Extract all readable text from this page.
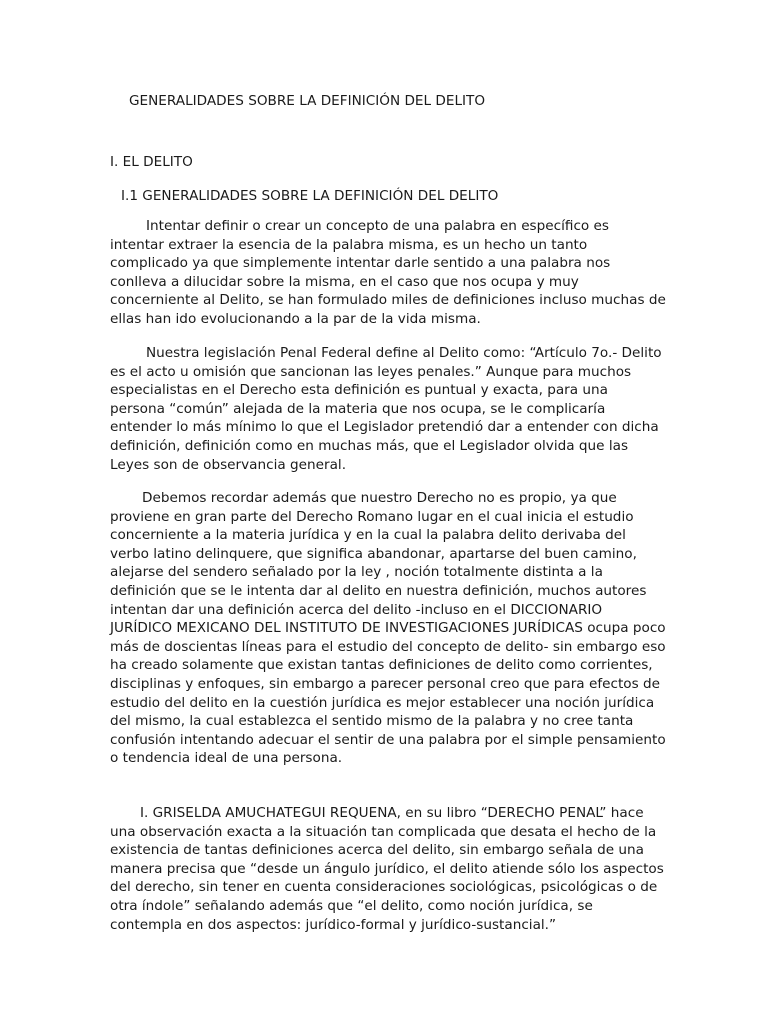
GENERALIDADES SOBRE LA DEFINICIÓN DEL DELITO
I. EL DELITO
I.1 GENERALIDADES SOBRE LA DEFINICIÓN DEL DELITO

Intentar definir o crear un concepto de una palabra en específico es intentar extraer la esencia de la palabra misma, es un hecho un tanto complicado ya que simplemente intentar darle sentido a una palabra nos conlleva a dilucidar sobre la misma, en el caso que nos ocupa y muy concerniente al Delito, se han formulado miles de definiciones incluso muchas de ellas han ido evolucionando a la par de la vida misma.

Nuestra legislación Penal Federal define al Delito como: “Artículo 7o.- Delito es el acto u omisión que sancionan las leyes penales.” Aunque para muchos especialistas en el Derecho esta definición es puntual y exacta, para una persona “común” alejada de la materia que nos ocupa, se le complicaría entender lo más mínimo lo que el Legislador pretendió dar a entender con dicha definición, definición como en muchas más, que el Legislador olvida que las Leyes son de observancia general.

Debemos recordar además que nuestro Derecho no es propio, ya que proviene en gran parte del Derecho Romano lugar en el cual inicia el estudio concerniente a la materia jurídica y en la cual la palabra delito derivaba del verbo latino delinquere, que significa abandonar, apartarse del buen camino, alejarse del sendero señalado por la ley , noción totalmente distinta a la definición que se le intenta dar al delito en nuestra definición, muchos autores intentan dar una definición acerca del delito -incluso en el DICCIONARIO JURÍDICO MEXICANO DEL INSTITUTO DE INVESTIGACIONES JURÍDICAS ocupa poco más de doscientas líneas para el estudio del concepto de delito- sin embargo eso ha creado solamente que existan tantas definiciones de delito como corrientes, disciplinas y enfoques, sin embargo a parecer personal creo que para efectos de estudio del delito en la cuestión jurídica es mejor establecer una noción jurídica del mismo, la cual establezca el sentido mismo de la palabra y no cree tanta confusión intentando adecuar el sentir de una palabra por el simple pensamiento o tendencia ideal de una persona.

I. GRISELDA AMUCHATEGUI REQUENA, en su libro “DERECHO PENAL” hace una observación exacta a la situación tan complicada que desata el hecho de la existencia de tantas definiciones acerca del delito, sin embargo señala de una manera precisa que “desde un ángulo jurídico, el delito atiende sólo los aspectos del derecho, sin tener en cuenta consideraciones sociológicas, psicológicas o de otra índole” señalando además que “el delito, como noción jurídica, se contempla en dos aspectos: jurídico-formal y jurídico-sustancial.”
